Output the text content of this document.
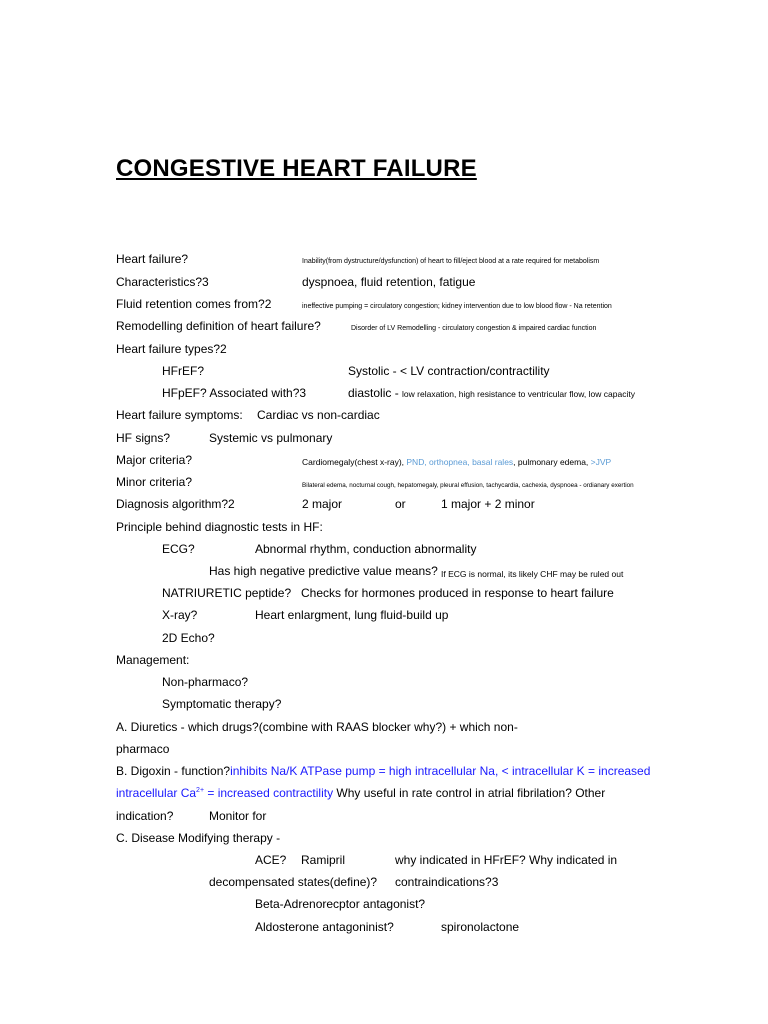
CONGESTIVE HEART FAILURE
Heart failure?	Inability(from dystructure/dysfunction) of heart to fill/eject blood at a rate required for metabolism
Characteristics?3	dyspnoea, fluid retention, fatigue
Fluid retention comes from?2	ineffective pumping = circulatory congestion; kidney intervention due to low blood flow - Na retention
Remodelling definition of heart failure?	Disorder of LV Remodelling - circulatory congestion & impaired cardiac function
Heart failure types?2
HFrEF?	Systolic - < LV contraction/contractility
HFpEF? Associated with?3	diastolic - low relaxation, high resistance to ventricular flow, low capacity
Heart failure symptoms: Cardiac vs non-cardiac
HF signs?	Systemic vs pulmonary
Major criteria?	Cardiomegaly(chest x-ray), PND, orthopnea, basal rales, pulmonary edema, >JVP
Minor criteria?	Bilateral edema, nocturnal cough, hepatomegaly, pleural effusion, tachycardia, cachexia, dyspnoea - ordianary exertion
Diagnosis algorithm?2	2 major	or	1 major + 2 minor
Principle behind diagnostic tests in HF:
ECG?	Abnormal rhythm, conduction abnormality
Has high negative predictive value means? If ECG is normal, its likely CHF may be ruled out
NATRIURETIC peptide? Checks for hormones produced in response to heart failure
X-ray?	Heart enlargment, lung fluid-build up
2D Echo?
Management:
Non-pharmaco?
Symptomatic therapy?
A. Diuretics - which drugs?(combine with RAAS blocker why?) + which non-
pharmaco
B. Digoxin - function?inhibits Na/K ATPase pump = high intracellular Na, < intracellular K = increased
intracellular $Ca^{2+}$ = increased contractility Why useful in rate control in atrial fibrilation? Other
indication?	Monitor for
C. Disease Modifying therapy -
ACE? Ramipril	why indicated in HFrEF? Why indicated in
decompensated states(define)? contraindications?3
Beta-Adrenorecptor antagonist?
Aldosterone antagoninist?	spironolactone
